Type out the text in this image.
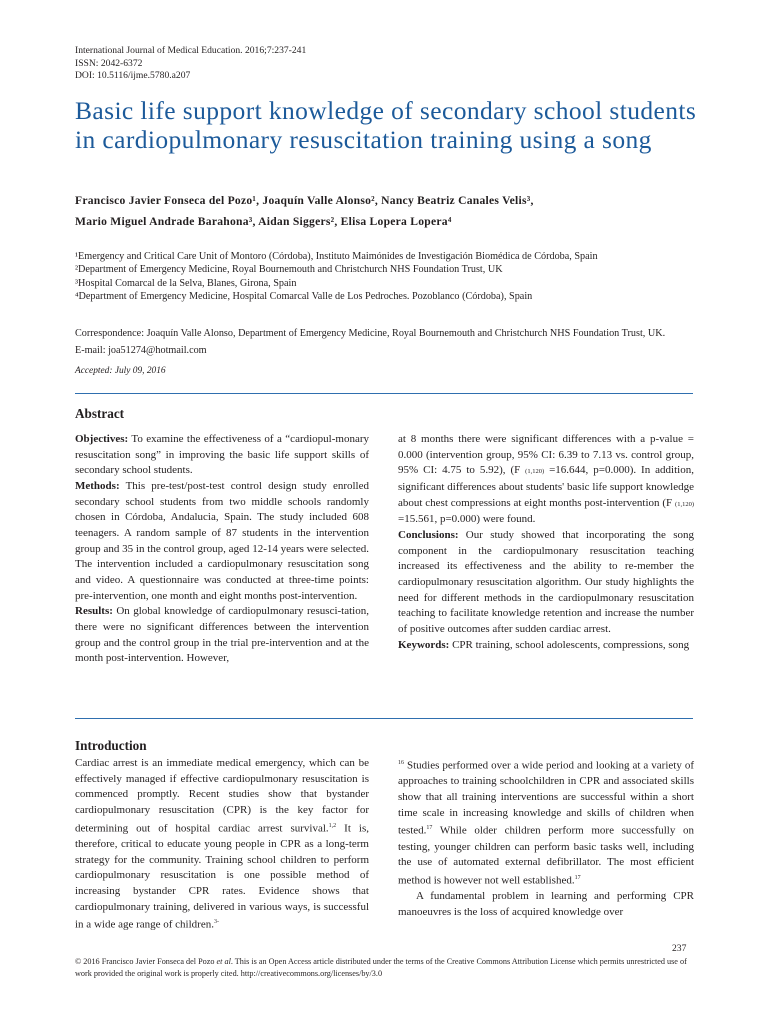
International Journal of Medical Education. 2016;7:237-241
ISSN: 2042-6372
DOI: 10.5116/ijme.5780.a207
Basic life support knowledge of secondary school students in cardiopulmonary resuscitation training using a song
Francisco Javier Fonseca del Pozo¹, Joaquín Valle Alonso², Nancy Beatriz Canales Velis³,
Mario Miguel Andrade Barahona³, Aidan Siggers², Elisa Lopera Lopera⁴
¹Emergency and Critical Care Unit of Montoro (Córdoba), Instituto Maimónides de Investigación Biomédica de Córdoba, Spain
²Department of Emergency Medicine, Royal Bournemouth and Christchurch NHS Foundation Trust, UK
³Hospital Comarcal de la Selva, Blanes, Girona, Spain
⁴Department of Emergency Medicine, Hospital Comarcal Valle de Los Pedroches. Pozoblanco (Córdoba), Spain
Correspondence: Joaquín Valle Alonso, Department of Emergency Medicine, Royal Bournemouth and Christchurch NHS Foundation Trust, UK. E-mail: joa51274@hotmail.com
Accepted: July 09, 2016
Abstract

Objectives: To examine the effectiveness of a “cardiopul-monary resuscitation song” in improving the basic life support skills of secondary school students.

Methods: This pre-test/post-test control design study enrolled secondary school students from two middle schools randomly chosen in Córdoba, Andalucia, Spain. The study included 608 teenagers. A random sample of 87 students in the intervention group and 35 in the control group, aged 12-14 years were selected. The intervention included a cardiopulmonary resuscitation song and video. A questionnaire was conducted at three-time points: pre-intervention, one month and eight months post-intervention.

Results: On global knowledge of cardiopulmonary resusci-tation, there were no significant differences between the intervention group and the control group in the trial pre-intervention and at the month post-intervention. However,

at 8 months there were significant differences with a p-value = 0.000 (intervention group, 95% CI: 6.39 to 7.13 vs. control group, 95% CI: 4.75 to 5.92), (F (1,120) =16.644, p=0.000). In addition, significant differences about students' basic life support knowledge about chest compressions at eight months post-intervention (F (1,120) =15.561, p=0.000) were found.

Conclusions: Our study showed that incorporating the song component in the cardiopulmonary resuscitation teaching increased its effectiveness and the ability to re-member the cardiopulmonary resuscitation algorithm. Our study highlights the need for different methods in the cardiopulmonary resuscitation teaching to facilitate knowledge retention and increase the number of positive outcomes after sudden cardiac arrest.

Keywords: CPR training, school adolescents, compressions, song

Introduction

Cardiac arrest is an immediate medical emergency, which can be effectively managed if effective cardiopulmonary resuscitation is commenced promptly. Recent studies show that bystander cardiopulmonary resuscitation (CPR) is the key factor for determining out of hospital cardiac arrest survival.$^{1,2}$ It is, therefore, critical to educate young people in CPR as a long-term strategy for the community. Training school children to perform cardiopulmonary resuscitation is one possible method of increasing bystander CPR rates. Evidence shows that cardiopulmonary training, delivered in various ways, is successful in a wide age range of children.$^{3-}$

$^{16}$ Studies performed over a wide period and looking at a variety of approaches to training schoolchildren in CPR and associated skills show that all training interventions are successful within a short time scale in increasing knowledge and skills of children when tested.$^{17}$ While older children perform more successfully on testing, younger children can perform basic tasks well, including the use of automated external defibrillator. The most efficient method is however not well established.$^{17}$

A fundamental problem in learning and performing CPR manoeuvres is the loss of acquired knowledge over

237
© 2016 Francisco Javier Fonseca del Pozo et al. This is an Open Access article distributed under the terms of the Creative Commons Attribution License which permits unrestricted use of work provided the original work is properly cited. http://creativecommons.org/licenses/by/3.0
